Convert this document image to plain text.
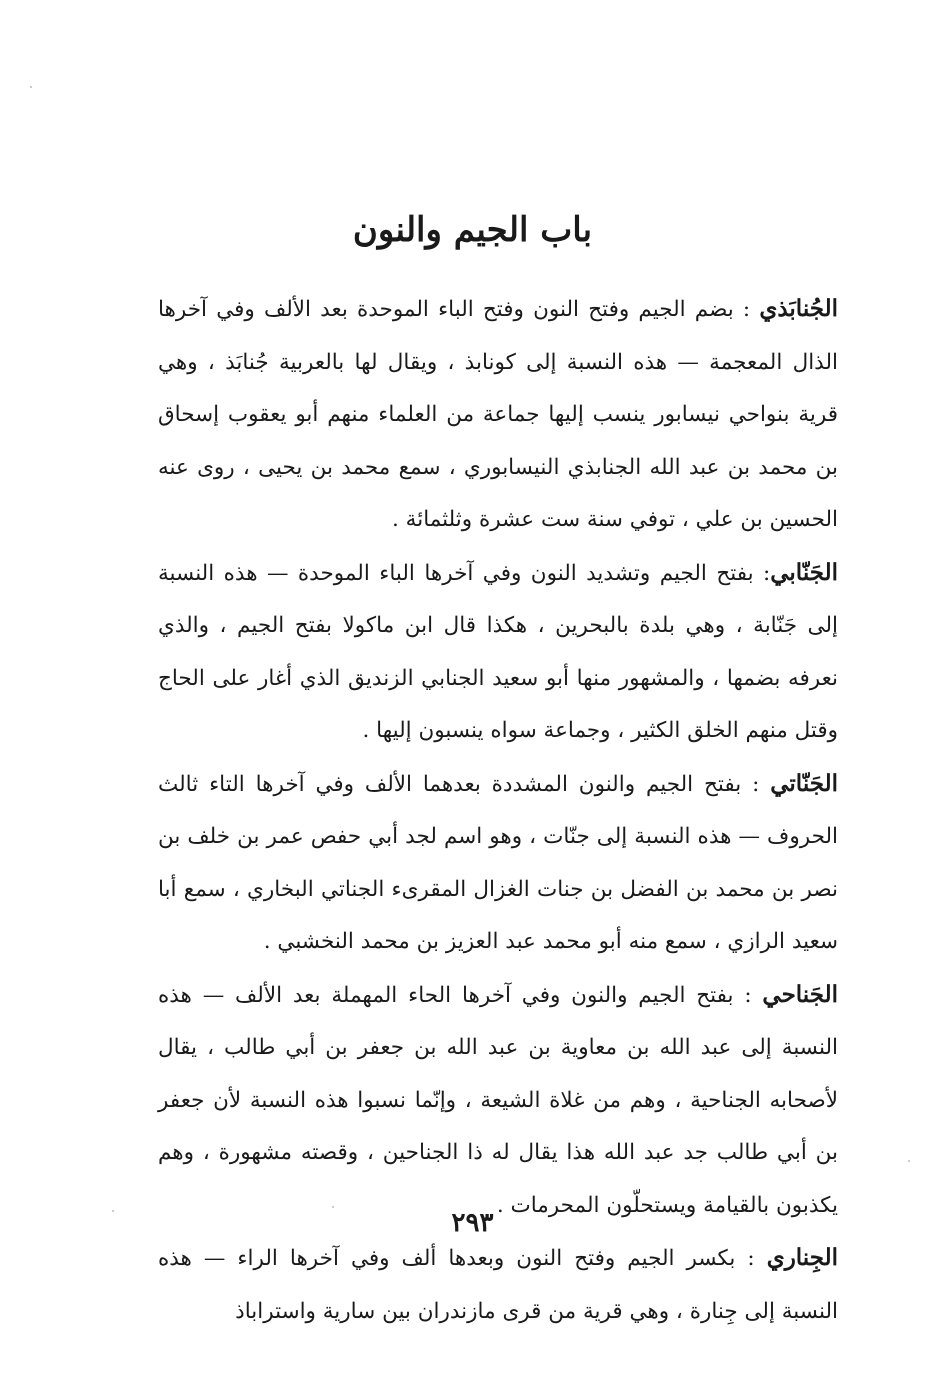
باب الجيم والنون

الجُنابَذي : بضم الجيم وفتح النون وفتح الباء الموحدة بعد الألف وفي آخرها الذال المعجمة — هذه النسبة إلى كونابذ ، ويقال لها بالعربية جُنابَذ ، وهي قرية بنواحي نيسابور ينسب إليها جماعة من العلماء منهم أبو يعقوب إسحاق بن محمد بن عبد الله الجنابذي النيسابوري ، سمع محمد بن يحيى ، روى عنه الحسين بن علي ، توفي سنة ست عشرة وثلثمائة .

الجَنّابي: بفتح الجيم وتشديد النون وفي آخرها الباء الموحدة — هذه النسبة إلى جَنّابة ، وهي بلدة بالبحرين ، هكذا قال ابن ماكولا بفتح الجيم ، والذي نعرفه بضمها ، والمشهور منها أبو سعيد الجنابي الزنديق الذي أغار على الحاج وقتل منهم الخلق الكثير ، وجماعة سواه ينسبون إليها .

الجَنّاتي : بفتح الجيم والنون المشددة بعدهما الألف وفي آخرها التاء ثالث الحروف — هذه النسبة إلى جنّات ، وهو اسم لجد أبي حفص عمر بن خلف بن نصر بن محمد بن الفضل بن جنات الغزال المقرىء الجناتي البخاري ، سمع أبا سعيد الرازي ، سمع منه أبو محمد عبد العزيز بن محمد النخشبي .

الجَناحي : بفتح الجيم والنون وفي آخرها الحاء المهملة بعد الألف — هذه النسبة إلى عبد الله بن معاوية بن عبد الله بن جعفر بن أبي طالب ، يقال لأصحابه الجناحية ، وهم من غلاة الشيعة ، وإنّما نسبوا هذه النسبة لأن جعفر بن أبي طالب جد عبد الله هذا يقال له ذا الجناحين ، وقصته مشهورة ، وهم يكذبون بالقيامة ويستحلّون المحرمات .

الجِناري : بكسر الجيم وفتح النون وبعدها ألف وفي آخرها الراء — هذه النسبة إلى جِنارة ، وهي قرية من قرى مازندران بين سارية واستراباذ

٢٩٣
